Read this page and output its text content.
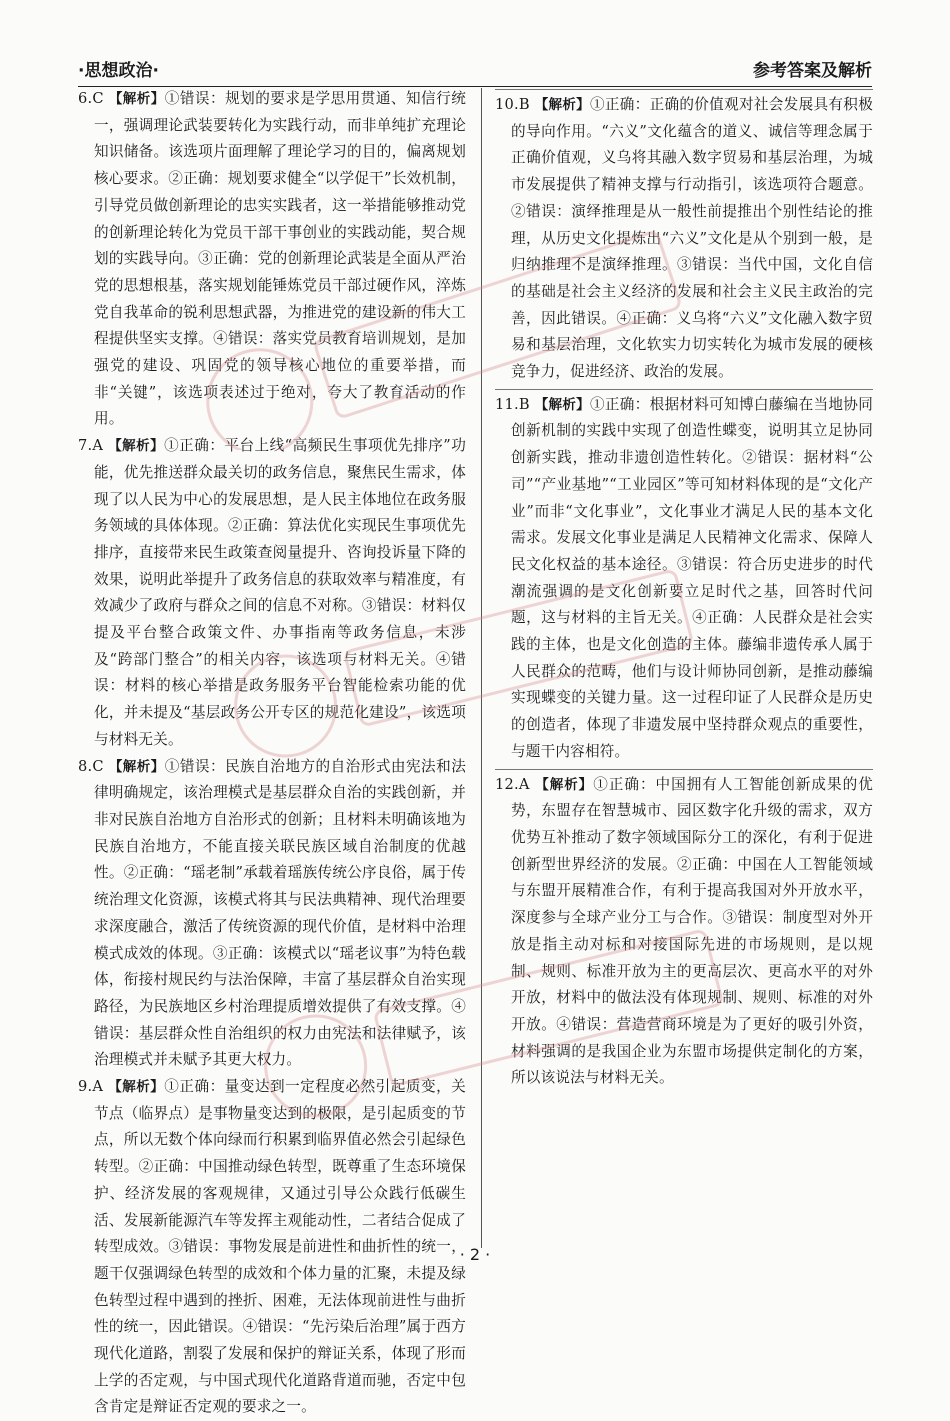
·思想政治·	参考答案及解析
6.C 【解析】①错误：规划的要求是学思用贯通、知信行统一，强调理论武装要转化为实践行动，而非单纯扩充理论知识储备。该选项片面理解了理论学习的目的，偏离规划核心要求。②正确：规划要求健全“以学促干”长效机制，引导党员做创新理论的忠实实践者，这一举措能够推动党的创新理论转化为党员干部干事创业的实践动能，契合规划的实践导向。③正确：党的创新理论武装是全面从严治党的思想根基，落实规划能锤炼党员干部过硬作风，淬炼党自我革命的锐利思想武器，为推进党的建设新的伟大工程提供坚实支撑。④错误：落实党员教育培训规划，是加强党的建设、巩固党的领导核心地位的重要举措，而非“关键”，该选项表述过于绝对，夸大了教育活动的作用。
7.A 【解析】①正确：平台上线“高频民生事项优先排序”功能，优先推送群众最关切的政务信息，聚焦民生需求，体现了以人民为中心的发展思想，是人民主体地位在政务服务领域的具体体现。②正确：算法优化实现民生事项优先排序，直接带来民生政策查阅量提升、咨询投诉量下降的效果，说明此举提升了政务信息的获取效率与精准度，有效减少了政府与群众之间的信息不对称。③错误：材料仅提及平台整合政策文件、办事指南等政务信息，未涉及“跨部门整合”的相关内容，该选项与材料无关。④错误：材料的核心举措是政务服务平台智能检索功能的优化，并未提及“基层政务公开专区的规范化建设”，该选项与材料无关。
8.C 【解析】①错误：民族自治地方的自治形式由宪法和法律明确规定，该治理模式是基层群众自治的实践创新，并非对民族自治地方自治形式的创新；且材料未明确该地为民族自治地方，不能直接关联民族区域自治制度的优越性。②正确：“瑶老制”承载着瑶族传统公序良俗，属于传统治理文化资源，该模式将其与民法典精神、现代治理要求深度融合，激活了传统资源的现代价值，是材料中治理模式成效的体现。③正确：该模式以“瑶老议事”为特色载体，衔接村规民约与法治保障，丰富了基层群众自治实现路径，为民族地区乡村治理提质增效提供了有效支撑。④错误：基层群众性自治组织的权力由宪法和法律赋予，该治理模式并未赋予其更大权力。
9.A 【解析】①正确：量变达到一定程度必然引起质变，关节点（临界点）是事物量变达到的极限，是引起质变的节点，所以无数个体向绿而行积累到临界值必然会引起绿色转型。②正确：中国推动绿色转型，既尊重了生态环境保护、经济发展的客观规律，又通过引导公众践行低碳生活、发展新能源汽车等发挥主观能动性，二者结合促成了转型成效。③错误：事物发展是前进性和曲折性的统一，题干仅强调绿色转型的成效和个体力量的汇聚，未提及绿色转型过程中遇到的挫折、困难，无法体现前进性与曲折性的统一，因此错误。④错误：“先污染后治理”属于西方现代化道路，割裂了发展和保护的辩证关系，体现了形而上学的否定观，与中国式现代化道路背道而驰，否定中包含肯定是辩证否定观的要求之一。
10.B 【解析】①正确：正确的价值观对社会发展具有积极的导向作用。“六义”文化蕴含的道义、诚信等理念属于正确价值观，义乌将其融入数字贸易和基层治理，为城市发展提供了精神支撑与行动指引，该选项符合题意。②错误：演绎推理是从一般性前提推出个别性结论的推理，从历史文化提炼出“六义”文化是从个别到一般，是归纳推理不是演绎推理。③错误：当代中国，文化自信的基础是社会主义经济的发展和社会主义民主政治的完善，因此错误。④正确：义乌将“六义”文化融入数字贸易和基层治理，文化软实力切实转化为城市发展的硬核竞争力，促进经济、政治的发展。
11.B 【解析】①正确：根据材料可知博白藤编在当地协同创新机制的实践中实现了创造性蝶变，说明其立足协同创新实践，推动非遗创造性转化。②错误：据材料“公司”“产业基地”“工业园区”等可知材料体现的是“文化产业”而非“文化事业”，文化事业才满足人民的基本文化需求。发展文化事业是满足人民精神文化需求、保障人民文化权益的基本途径。③错误：符合历史进步的时代潮流强调的是文化创新要立足时代之基，回答时代问题，这与材料的主旨无关。④正确：人民群众是社会实践的主体，也是文化创造的主体。藤编非遗传承人属于人民群众的范畴，他们与设计师协同创新，是推动藤编实现蝶变的关键力量。这一过程印证了人民群众是历史的创造者，体现了非遗发展中坚持群众观点的重要性，与题干内容相符。
12.A 【解析】①正确：中国拥有人工智能创新成果的优势，东盟存在智慧城市、园区数字化升级的需求，双方优势互补推动了数字领域国际分工的深化，有利于促进创新型世界经济的发展。②正确：中国在人工智能领域与东盟开展精准合作，有利于提高我国对外开放水平，深度参与全球产业分工与合作。③错误：制度型对外开放是指主动对标和对接国际先进的市场规则，是以规制、规则、标准开放为主的更高层次、更高水平的对外开放，材料中的做法没有体现规制、规则、标准的对外开放。④错误：营造营商环境是为了更好的吸引外资，材料强调的是我国企业为东盟市场提供定制化的方案，所以该说法与材料无关。
· 2 ·
